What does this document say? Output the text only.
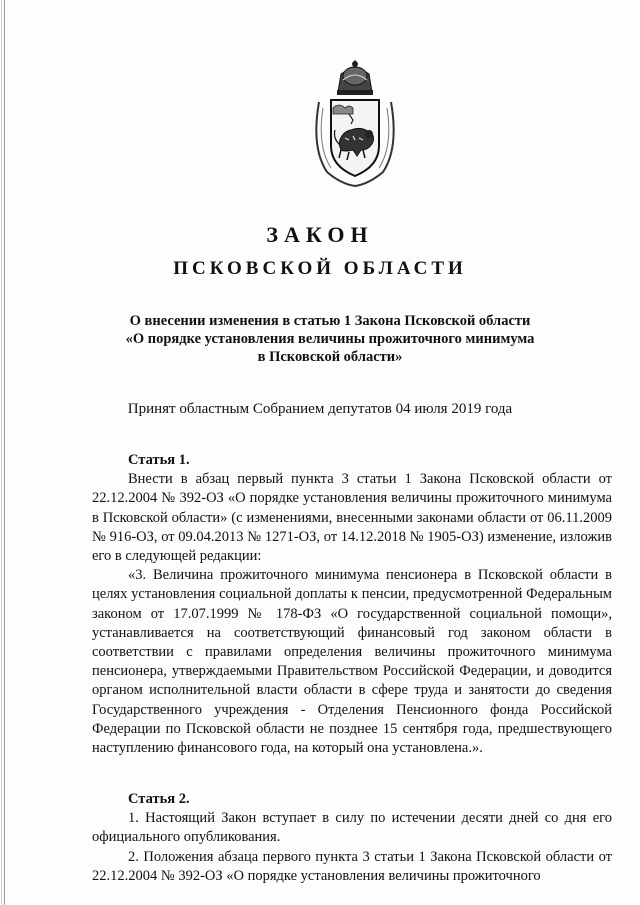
ЗАКОН
ПСКОВСКОЙ ОБЛАСТИ
О внесении изменения в статью 1 Закона Псковской области
«О порядке установления величины прожиточного минимума
в Псковской области»
Принят областным Собранием депутатов 04 июля 2019 года
Статья 1.

Внести в абзац первый пункта 3 статьи 1 Закона Псковской области от 22.12.2004 № 392-ОЗ «О порядке установления величины прожиточного минимума в Псковской области» (с изменениями, внесенными законами области от 06.11.2009 № 916-ОЗ, от 09.04.2013 № 1271-ОЗ, от 14.12.2018 № 1905-ОЗ) изменение, изложив его в следующей редакции:

«3. Величина прожиточного минимума пенсионера в Псковской области в целях установления социальной доплаты к пенсии, предусмотренной Федеральным законом от 17.07.1999 № 178-ФЗ «О государственной социальной помощи», устанавливается на соответствующий финансовый год законом области в соответствии с правилами определения величины прожиточного минимума пенсионера, утверждаемыми Правительством Российской Федерации, и доводится органом исполнительной власти области в сфере труда и занятости до сведения Государственного учреждения - Отделения Пенсионного фонда Российской Федерации по Псковской области не позднее 15 сентября года, предшествующего наступлению финансового года, на который она установлена.».

Статья 2.

1. Настоящий Закон вступает в силу по истечении десяти дней со дня его официального опубликования.

2. Положения абзаца первого пункта 3 статьи 1 Закона Псковской области от 22.12.2004 № 392-ОЗ «О порядке установления величины прожиточного
